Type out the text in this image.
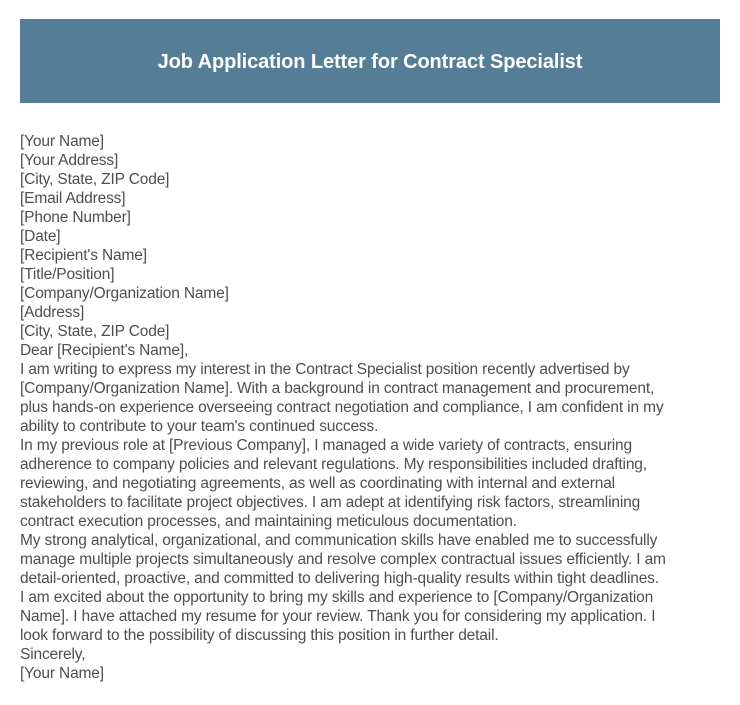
Job Application Letter for Contract Specialist
[Your Name]
[Your Address]
[City, State, ZIP Code]
[Email Address]
[Phone Number]
[Date]
[Recipient's Name]
[Title/Position]
[Company/Organization Name]
[Address]
[City, State, ZIP Code]
Dear [Recipient's Name],
I am writing to express my interest in the Contract Specialist position recently advertised by
[Company/Organization Name]. With a background in contract management and procurement,
plus hands-on experience overseeing contract negotiation and compliance, I am confident in my
ability to contribute to your team's continued success.
In my previous role at [Previous Company], I managed a wide variety of contracts, ensuring
adherence to company policies and relevant regulations. My responsibilities included drafting,
reviewing, and negotiating agreements, as well as coordinating with internal and external
stakeholders to facilitate project objectives. I am adept at identifying risk factors, streamlining
contract execution processes, and maintaining meticulous documentation.
My strong analytical, organizational, and communication skills have enabled me to successfully
manage multiple projects simultaneously and resolve complex contractual issues efficiently. I am
detail-oriented, proactive, and committed to delivering high-quality results within tight deadlines.
I am excited about the opportunity to bring my skills and experience to [Company/Organization
Name]. I have attached my resume for your review. Thank you for considering my application. I
look forward to the possibility of discussing this position in further detail.
Sincerely,
[Your Name]
